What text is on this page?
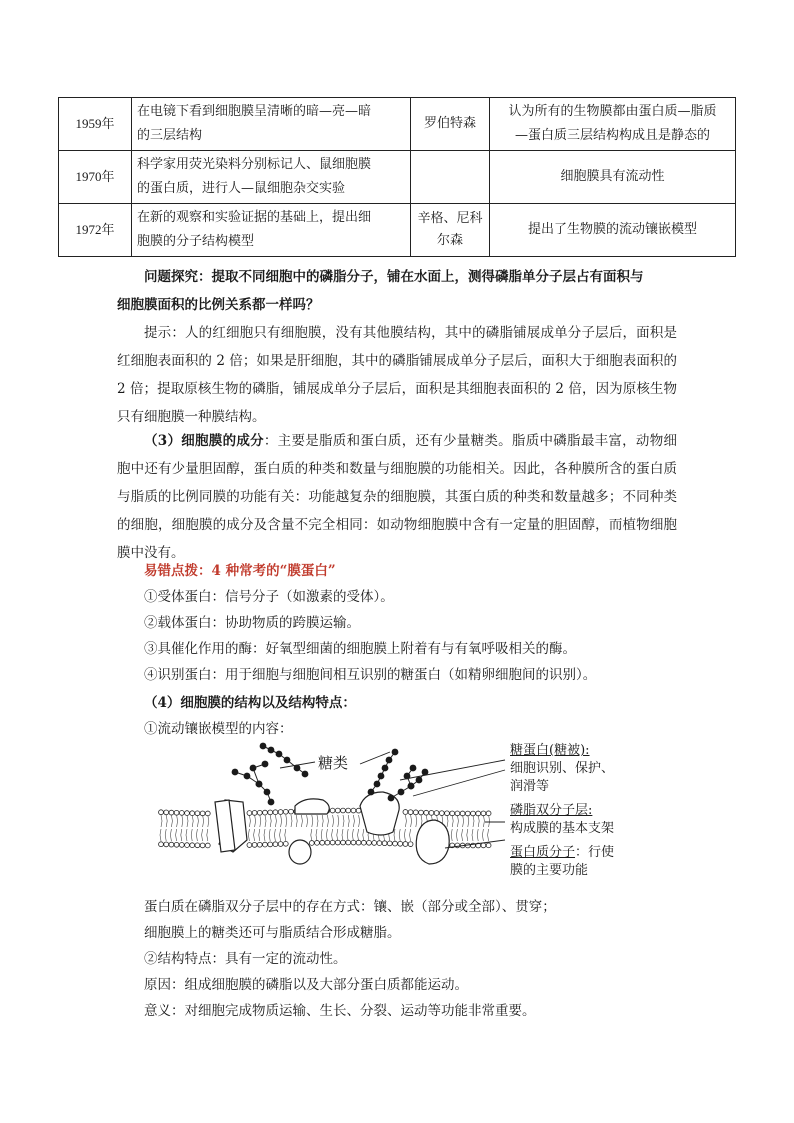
1959年	在电镜下看到细胞膜呈清晰的暗—亮—暗
的三层结构	罗伯特森	认为所有的生物膜都由蛋白质—脂质
—蛋白质三层结构构成且是静态的
1970年	科学家用荧光染料分别标记人、鼠细胞膜
的蛋白质，进行人—鼠细胞杂交实验		细胞膜具有流动性
1972年	在新的观察和实验证据的基础上，提出细
胞膜的分子结构模型	辛格、尼科尔森	提出了生物膜的流动镶嵌模型
问题探究：提取不同细胞中的磷脂分子，铺在水面上，测得磷脂单分子层占有面积与
细胞膜面积的比例关系都一样吗？
提示：人的红细胞只有细胞膜，没有其他膜结构，其中的磷脂铺展成单分子层后，面积是红细胞表面积的 2 倍；如果是肝细胞，其中的磷脂铺展成单分子层后，面积大于细胞表面积的 2 倍；提取原核生物的磷脂，铺展成单分子层后，面积是其细胞表面积的 2 倍，因为原核生物只有细胞膜一种膜结构。
（3）细胞膜的成分：主要是脂质和蛋白质，还有少量糖类。脂质中磷脂最丰富，动物细胞中还有少量胆固醇，蛋白质的种类和数量与细胞膜的功能相关。因此，各种膜所含的蛋白质与脂质的比例同膜的功能有关：功能越复杂的细胞膜，其蛋白质的种类和数量越多；不同种类的细胞，细胞膜的成分及含量不完全相同：如动物细胞膜中含有一定量的胆固醇，而植物细胞膜中没有。
易错点拨：4 种常考的“膜蛋白”
①受体蛋白：信号分子（如激素的受体）。
②载体蛋白：协助物质的跨膜运输。
③具催化作用的酶：好氧型细菌的细胞膜上附着有与有氧呼吸相关的酶。
④识别蛋白：用于细胞与细胞间相互识别的糖蛋白（如精卵细胞间的识别）。
（4）细胞膜的结构以及结构特点：
①流动镶嵌模型的内容：
糖类
糖蛋白(糖被):
细胞识别、保护、
润滑等
磷脂双分子层:
构成膜的基本支架
蛋白质分子：行使
膜的主要功能
蛋白质在磷脂双分子层中的存在方式：镶、嵌（部分或全部）、贯穿；
细胞膜上的糖类还可与脂质结合形成糖脂。
②结构特点：具有一定的流动性。
原因：组成细胞膜的磷脂以及大部分蛋白质都能运动。
意义：对细胞完成物质运输、生长、分裂、运动等功能非常重要。
